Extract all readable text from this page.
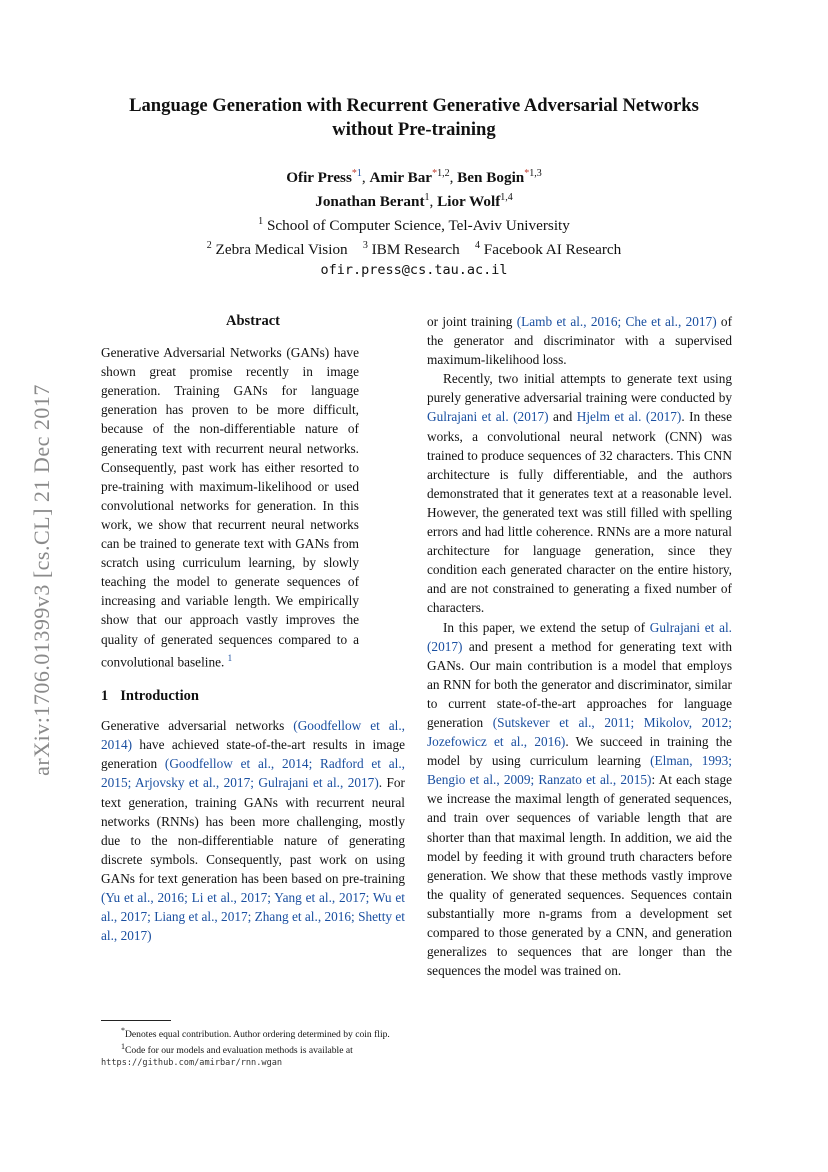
arXiv:1706.01399v3 [cs.CL] 21 Dec 2017
Language Generation with Recurrent Generative Adversarial Networks
without Pre-training
Ofir Press$^{*1}$, Amir Bar$^{*1,2}$, Ben Bogin$^{*1,3}$
Jonathan Berant$^1$, Lior Wolf$^{1,4}$
$^1$ School of Computer Science, Tel-Aviv University
$^2$ Zebra Medical Vision $^3$ IBM Research $^4$ Facebook AI Research
ofir.press@cs.tau.ac.il
Abstract

Generative Adversarial Networks (GANs) have shown great promise recently in image generation. Training GANs for language generation has proven to be more difficult, because of the non-differentiable nature of generating text with recurrent neural networks. Consequently, past work has either resorted to pre-training with maximum-likelihood or used convolutional networks for generation. In this work, we show that recurrent neural networks can be trained to generate text with GANs from scratch using curriculum learning, by slowly teaching the model to generate sequences of increasing and variable length. We empirically show that our approach vastly improves the quality of generated sequences compared to a convolutional baseline. $^1$

1 Introduction

Generative adversarial networks (Goodfellow et al., 2014) have achieved state-of-the-art results in image generation (Goodfellow et al., 2014; Radford et al., 2015; Arjovsky et al., 2017; Gulrajani et al., 2017). For text generation, training GANs with recurrent neural networks (RNNs) has been more challenging, mostly due to the non-differentiable nature of generating discrete symbols. Consequently, past work on using GANs for text generation has been based on pre-training (Yu et al., 2016; Li et al., 2017; Yang et al., 2017; Wu et al., 2017; Liang et al., 2017; Zhang et al., 2016; Shetty et al., 2017)

or joint training (Lamb et al., 2016; Che et al., 2017) of the generator and discriminator with a supervised maximum-likelihood loss.

Recently, two initial attempts to generate text using purely generative adversarial training were conducted by Gulrajani et al. (2017) and Hjelm et al. (2017). In these works, a convolutional neural network (CNN) was trained to produce sequences of 32 characters. This CNN architecture is fully differentiable, and the authors demonstrated that it generates text at a reasonable level. However, the generated text was still filled with spelling errors and had little coherence. RNNs are a more natural architecture for language generation, since they condition each generated character on the entire history, and are not constrained to generating a fixed number of characters.

In this paper, we extend the setup of Gulrajani et al. (2017) and present a method for generating text with GANs. Our main contribution is a model that employs an RNN for both the generator and discriminator, similar to current state-of-the-art approaches for language generation (Sutskever et al., 2011; Mikolov, 2012; Jozefowicz et al., 2016). We succeed in training the model by using curriculum learning (Elman, 1993; Bengio et al., 2009; Ranzato et al., 2015): At each stage we increase the maximal length of generated sequences, and train over sequences of variable length that are shorter than that maximal length. In addition, we aid the model by feeding it with ground truth characters before generation. We show that these methods vastly improve the quality of generated sequences. Sequences contain substantially more n-grams from a development set compared to those generated by a CNN, and generation generalizes to sequences that are longer than the sequences the model was trained on.

*Denotes equal contribution. Author ordering determined by coin flip.
$^1$Code for our models and evaluation methods is available at
https://github.com/amirbar/rnn.wgan
